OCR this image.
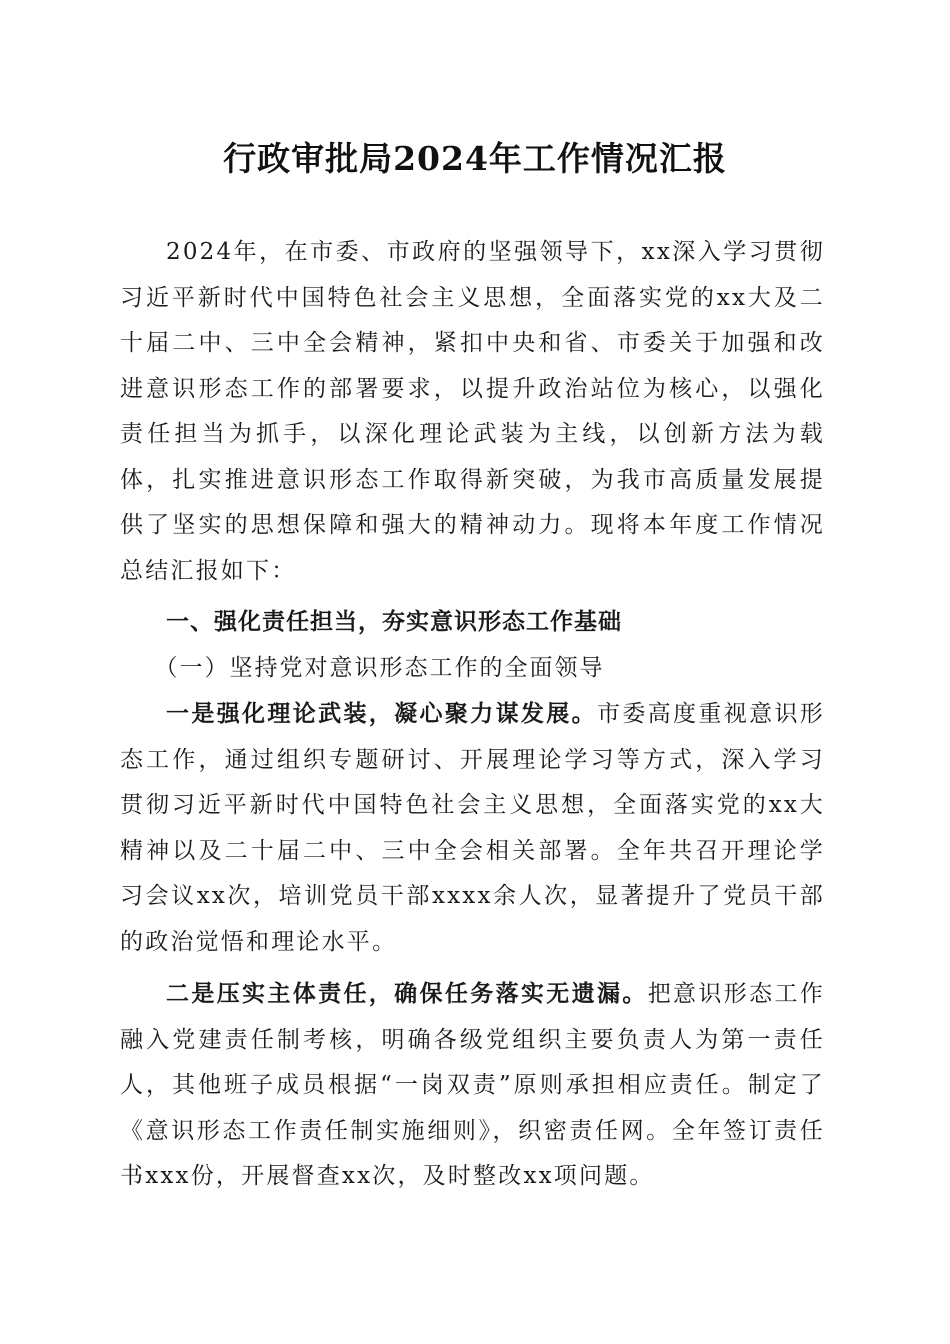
行政审批局2024年工作情况汇报

2024年，在市委、市政府的坚强领导下，xx深入学习贯彻习近平新时代中国特色社会主义思想，全面落实党的xx大及二十届二中、三中全会精神，紧扣中央和省、市委关于加强和改进意识形态工作的部署要求，以提升政治站位为核心，以强化责任担当为抓手，以深化理论武装为主线，以创新方法为载体，扎实推进意识形态工作取得新突破，为我市高质量发展提供了坚实的思想保障和强大的精神动力。现将本年度工作情况总结汇报如下：

一、强化责任担当，夯实意识形态工作基础

（一）坚持党对意识形态工作的全面领导

一是强化理论武装，凝心聚力谋发展。市委高度重视意识形态工作，通过组织专题研讨、开展理论学习等方式，深入学习贯彻习近平新时代中国特色社会主义思想，全面落实党的xx大精神以及二十届二中、三中全会相关部署。全年共召开理论学习会议xx次，培训党员干部xxxx余人次，显著提升了党员干部的政治觉悟和理论水平。

二是压实主体责任，确保任务落实无遗漏。把意识形态工作融入党建责任制考核，明确各级党组织主要负责人为第一责任人，其他班子成员根据“一岗双责”原则承担相应责任。制定了《意识形态工作责任制实施细则》，织密责任网。全年签订责任书xxx份，开展督查xx次，及时整改xx项问题。
